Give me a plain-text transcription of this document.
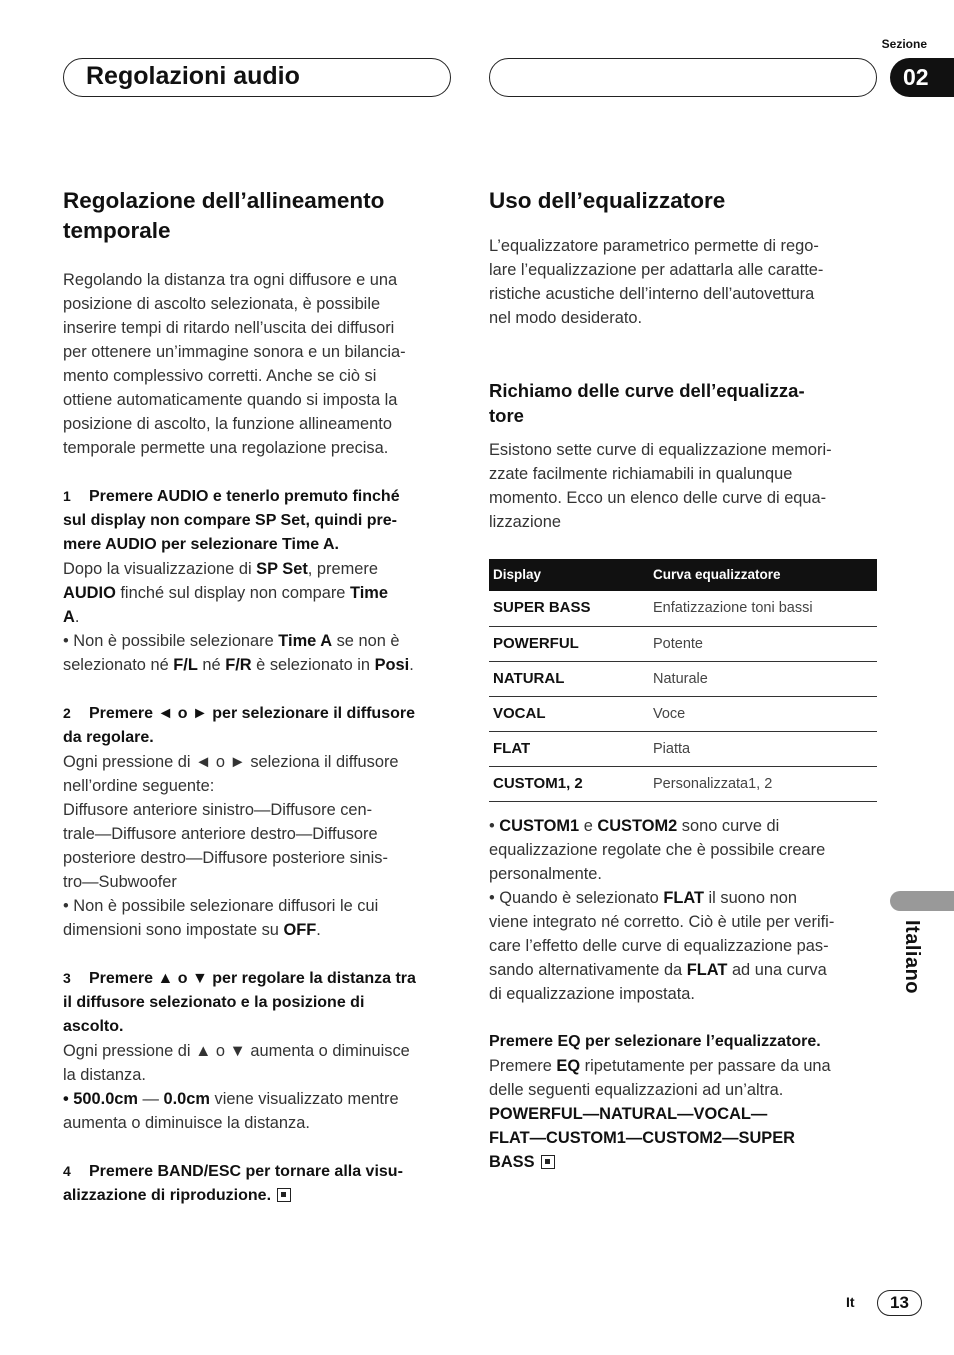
Regolazioni audio
Sezione
02
Regolazione dell’allineamento
temporale

Regolando la distanza tra ogni diffusore e una
posizione di ascolto selezionata, è possibile
inserire tempi di ritardo nell’uscita dei diffusori
per ottenere un’immagine sonora e un bilancia-
mento complessivo corretti. Anche se ciò si
ottiene automaticamente quando si imposta la
posizione di ascolto, la funzione allineamento
temporale permette una regolazione precisa.

1 Premere AUDIO e tenerlo premuto finché
sul display non compare SP Set, quindi pre-
mere AUDIO per selezionare Time A.

Dopo la visualizzazione di SP Set, premere
AUDIO finché sul display non compare Time
A.
• Non è possibile selezionare Time A se non è
selezionato né F/L né F/R è selezionato in Posi.

2 Premere ◄ o ► per selezionare il diffusore
da regolare.

Ogni pressione di ◄ o ► seleziona il diffusore
nell’ordine seguente:
Diffusore anteriore sinistro—Diffusore cen-
trale—Diffusore anteriore destro—Diffusore
posteriore destro—Diffusore posteriore sinis-
tro—Subwoofer
• Non è possibile selezionare diffusori le cui
dimensioni sono impostate su OFF.

3 Premere ▲ o ▼ per regolare la distanza tra
il diffusore selezionato e la posizione di
ascolto.

Ogni pressione di ▲ o ▼ aumenta o diminuisce
la distanza.
• 500.0cm — 0.0cm viene visualizzato mentre
aumenta o diminuisce la distanza.

4 Premere BAND/ESC per tornare alla visu-
alizzazione di riproduzione.

Uso dell’equalizzatore

L’equalizzatore parametrico permette di rego-
lare l’equalizzazione per adattarla alle caratte-
ristiche acustiche dell’interno dell’autovettura
nel modo desiderato.

Richiamo delle curve dell’equalizza-
tore

Esistono sette curve di equalizzazione memori-
zzate facilmente richiamabili in qualunque
momento. Ecco un elenco delle curve di equa-
lizzazione

Display	Curva equalizzatore
SUPER BASS	Enfatizzazione toni bassi
POWERFUL	Potente
NATURAL	Naturale
VOCAL	Voce
FLAT	Piatta
CUSTOM1, 2	Personalizzata1, 2

• CUSTOM1 e CUSTOM2 sono curve di
equalizzazione regolate che è possibile creare
personalmente.

• Quando è selezionato FLAT il suono non
viene integrato né corretto. Ciò è utile per verifi-
care l’effetto delle curve di equalizzazione pas-
sando alternativamente da FLAT ad una curva
di equalizzazione impostata.

Premere EQ per selezionare l’equalizzatore.

Premere EQ ripetutamente per passare da una
delle seguenti equalizzazioni ad un’altra.
POWERFUL—NATURAL—VOCAL—
FLAT—CUSTOM1—CUSTOM2—SUPER
BASS

Italiano
It	13
